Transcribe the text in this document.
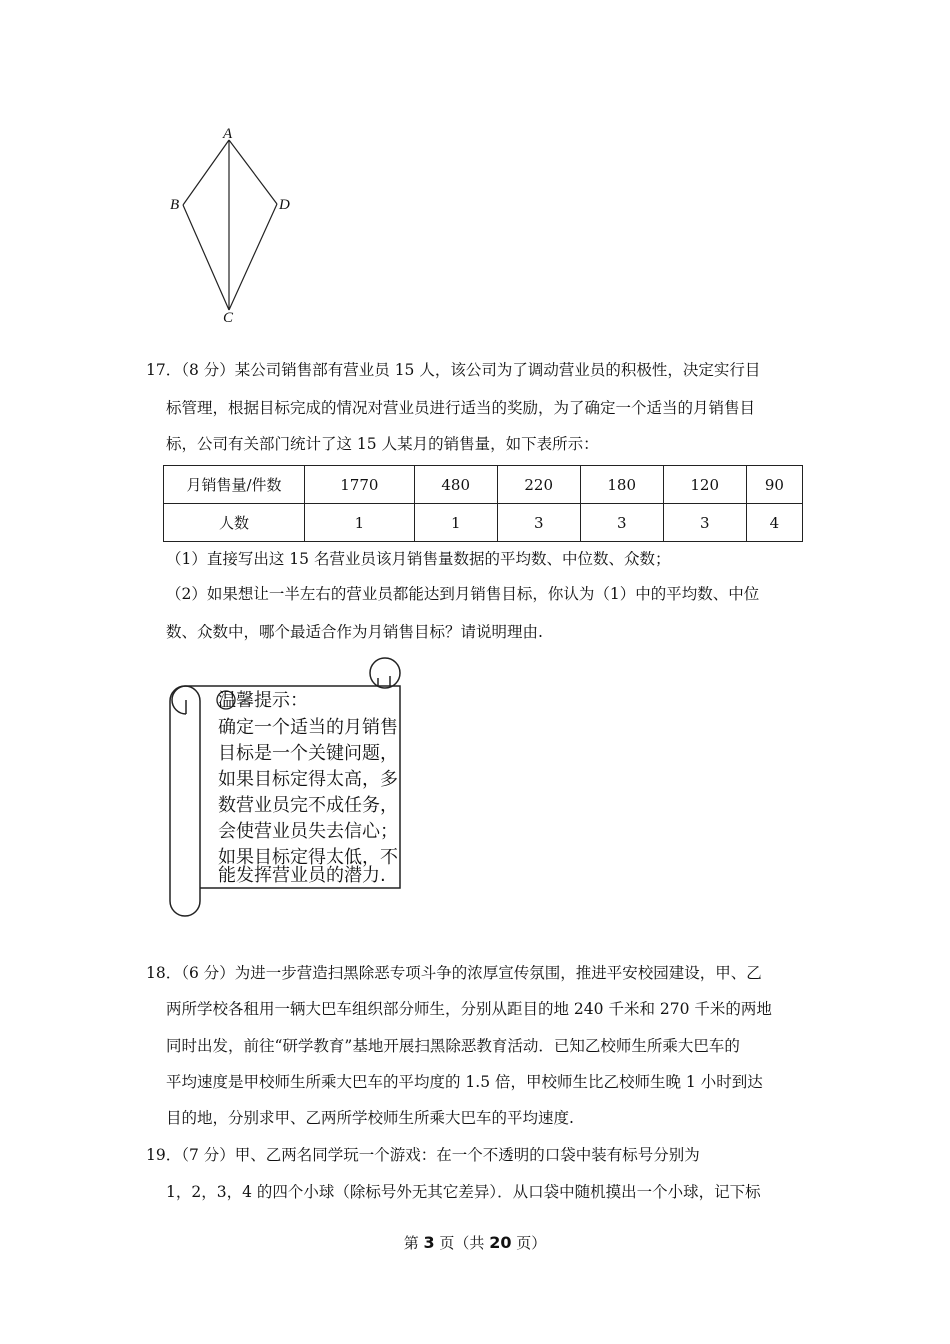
A
B	D
C
17．（8 分）某公司销售部有营业员 15 人，该公司为了调动营业员的积极性，决定实行目
标管理，根据目标完成的情况对营业员进行适当的奖励，为了确定一个适当的月销售目
标，公司有关部门统计了这 15 人某月的销售量，如下表所示：
月销售量/件数	1770	480	220	180	120	90
人数	1	1	3	3	3	4
（1）直接写出这 15 名营业员该月销售量数据的平均数、中位数、众数；
（2）如果想让一半左右的营业员都能达到月销售目标，你认为（1）中的平均数、中位
数、众数中，哪个最适合作为月销售目标？请说明理由.
温馨提示：
确定一个适当的月销售
目标是一个关键问题，
如果目标定得太高，多
数营业员完不成任务，
会使营业员失去信心；
如果目标定得太低，不
能发挥营业员的潜力.
18．（6 分）为进一步营造扫黑除恶专项斗争的浓厚宣传氛围，推进平安校园建设，甲、乙
两所学校各租用一辆大巴车组织部分师生，分别从距目的地 240 千米和 270 千米的两地
同时出发，前往“研学教育”基地开展扫黑除恶教育活动．已知乙校师生所乘大巴车的
平均速度是甲校师生所乘大巴车的平均度的 1.5 倍，甲校师生比乙校师生晚 1 小时到达
目的地，分别求甲、乙两所学校师生所乘大巴车的平均速度.
19．（7 分）甲、乙两名同学玩一个游戏：在一个不透明的口袋中装有标号分别为
1，2，3，4 的四个小球（除标号外无其它差异）．从口袋中随机摸出一个小球，记下标
第 3 页（共 20 页）
